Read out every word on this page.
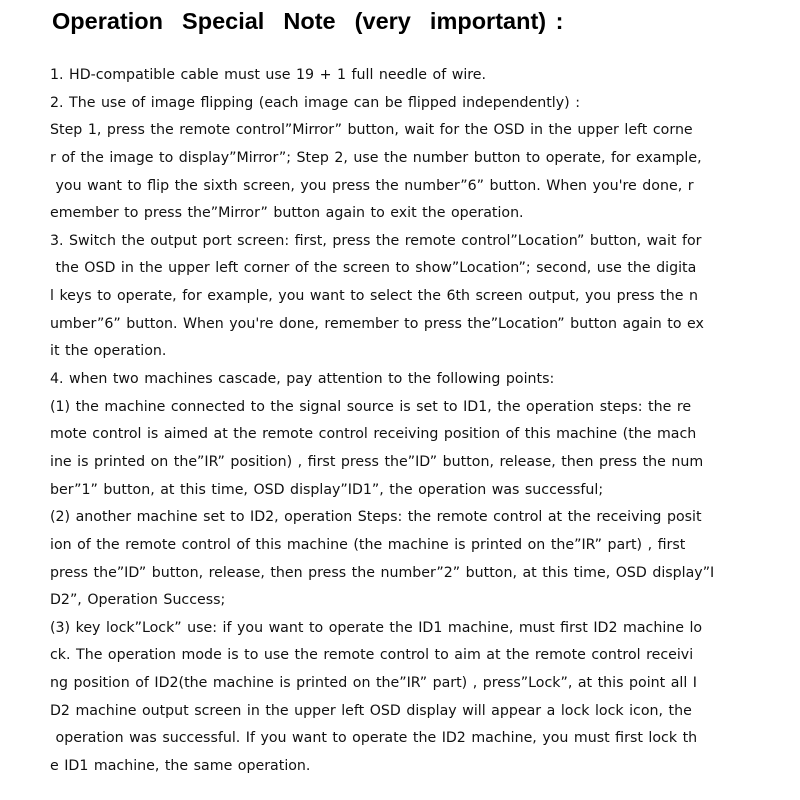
Operation  Special  Note  (very  important) :
1. HD-compatible cable must use 19 + 1 full needle of wire.
2. The use of image flipping (each image can be flipped independently) :
Step 1, press the remote control”Mirror” button, wait for the OSD in the upper left corne
r of the image to display”Mirror”; Step 2, use the number button to operate, for example,
you want to flip the sixth screen, you press the number”6” button. When you're done, r
emember to press the”Mirror” button again to exit the operation.
3. Switch the output port screen: first, press the remote control”Location” button, wait for
the OSD in the upper left corner of the screen to show”Location”; second, use the digita
l keys to operate, for example, you want to select the 6th screen output, you press the n
umber”6” button. When you're done, remember to press the”Location” button again to ex
it the operation.
4. when two machines cascade, pay attention to the following points:
(1) the machine connected to the signal source is set to ID1, the operation steps: the re
mote control is aimed at the remote control receiving position of this machine (the mach
ine is printed on the”IR” position) , first press the”ID” button, release, then press the num
ber”1” button, at this time, OSD display”ID1”, the operation was successful;
(2) another machine set to ID2, operation Steps: the remote control at the receiving posit
ion of the remote control of this machine (the machine is printed on the”IR” part) , first
press the”ID” button, release, then press the number”2” button, at this time, OSD display”I
D2”, Operation Success;
(3) key lock”Lock” use: if you want to operate the ID1 machine, must first ID2 machine lo
ck. The operation mode is to use the remote control to aim at the remote control receivi
ng position of ID2(the machine is printed on the”IR” part) , press”Lock”, at this point all I
D2 machine output screen in the upper left OSD display will appear a lock lock icon, the
operation was successful. If you want to operate the ID2 machine, you must first lock th
e ID1 machine, the same operation.
